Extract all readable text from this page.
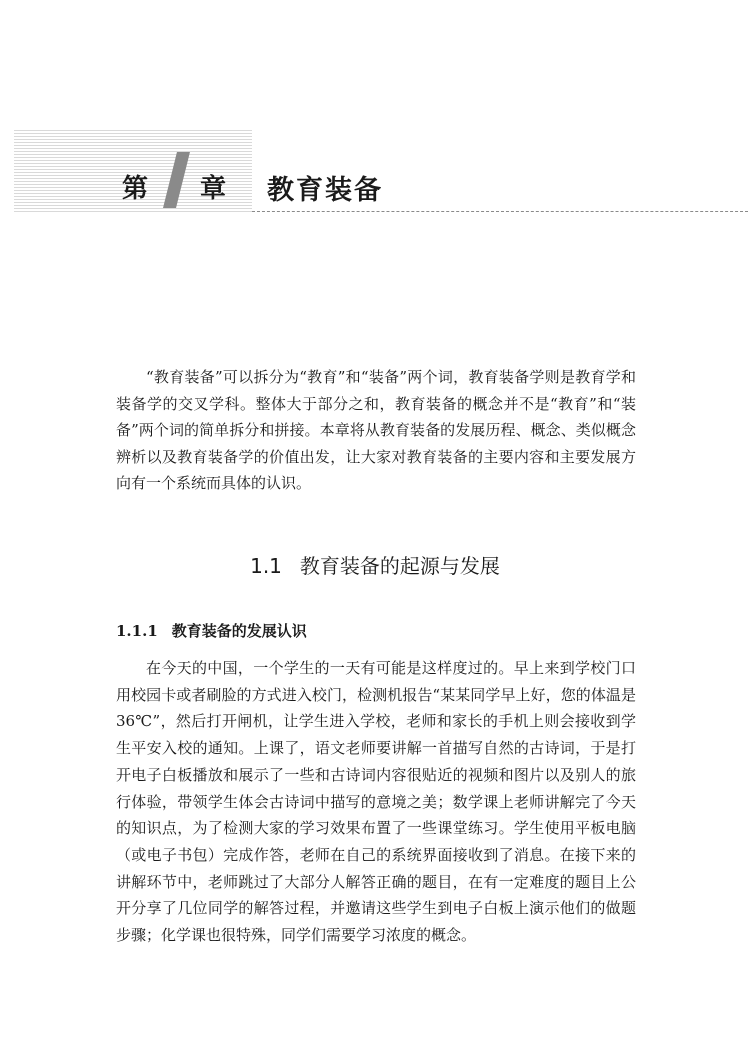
第 章 教育装备

“教育装备”可以拆分为“教育”和“装备”两个词，教育装备学则是教育学和装备学的交叉学科。整体大于部分之和，教育装备的概念并不是“教育”和“装备”两个词的简单拆分和拼接。本章将从教育装备的发展历程、概念、类似概念辨析以及教育装备学的价值出发，让大家对教育装备的主要内容和主要发展方向有一个系统而具体的认识。

1.1 教育装备的起源与发展
1.1.1 教育装备的发展认识

在今天的中国，一个学生的一天有可能是这样度过的。早上来到学校门口用校园卡或者刷脸的方式进入校门，检测机报告“某某同学早上好，您的体温是36℃”，然后打开闸机，让学生进入学校，老师和家长的手机上则会接收到学生平安入校的通知。上课了，语文老师要讲解一首描写自然的古诗词，于是打开电子白板播放和展示了一些和古诗词内容很贴近的视频和图片以及别人的旅行体验，带领学生体会古诗词中描写的意境之美；数学课上老师讲解完了今天的知识点，为了检测大家的学习效果布置了一些课堂练习。学生使用平板电脑（或电子书包）完成作答，老师在自己的系统界面接收到了消息。在接下来的讲解环节中，老师跳过了大部分人解答正确的题目，在有一定难度的题目上公开分享了几位同学的解答过程，并邀请这些学生到电子白板上演示他们的做题步骤；化学课也很特殊，同学们需要学习浓度的概念。
